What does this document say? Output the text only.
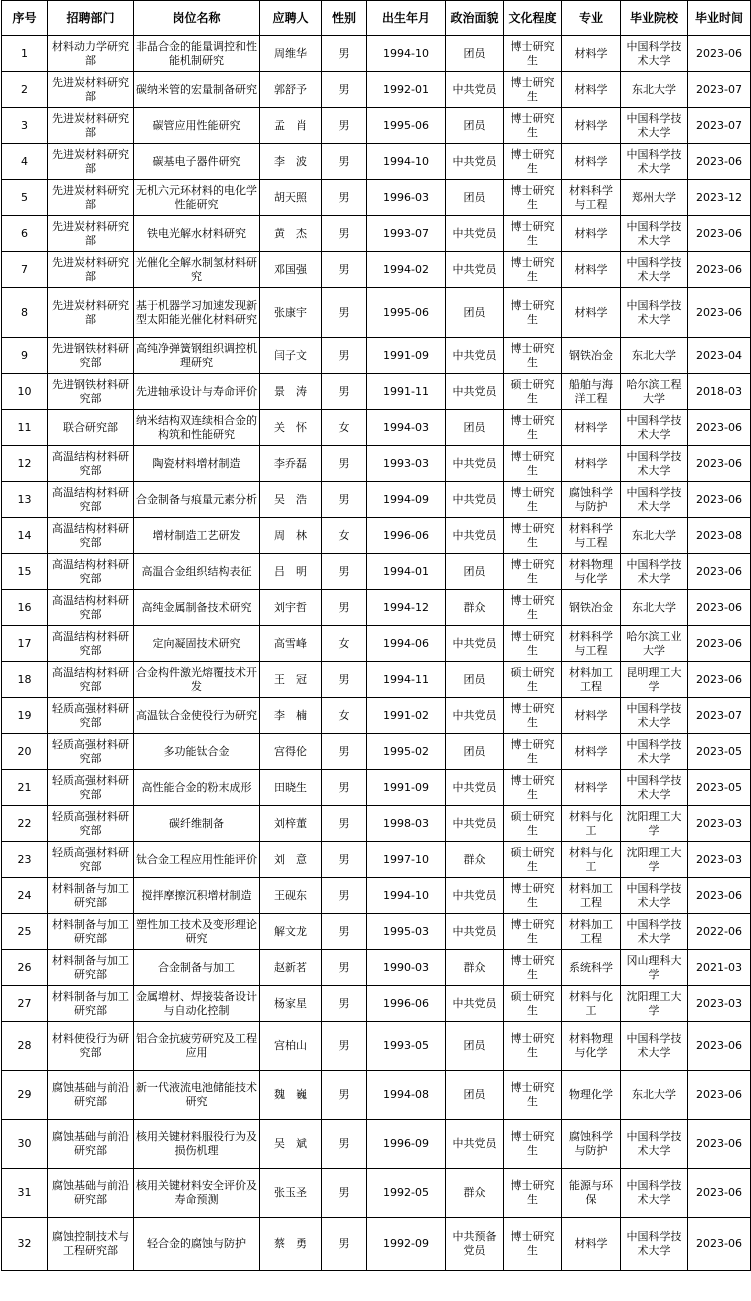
序号	招聘部门	岗位名称	应聘人	性别	出生年月	政治面貌	文化程度	专业	毕业院校	毕业时间
1	材料动力学研究部	非晶合金的能量调控和性能机制研究	周维华	男	1994-10	团员	博士研究生	材料学	中国科学技术大学	2023-06
2	先进炭材料研究部	碳纳米管的宏量制备研究	郭舒予	男	1992-01	中共党员	博士研究生	材料学	东北大学	2023-07
3	先进炭材料研究部	碳管应用性能研究	孟　肖	男	1995-06	团员	博士研究生	材料学	中国科学技术大学	2023-07
4	先进炭材料研究部	碳基电子器件研究	李　波	男	1994-10	中共党员	博士研究生	材料学	中国科学技术大学	2023-06
5	先进炭材料研究部	无机六元环材料的电化学性能研究	胡天照	男	1996-03	团员	博士研究生	材料科学与工程	郑州大学	2023-12
6	先进炭材料研究部	铁电光解水材料研究	黄　杰	男	1993-07	中共党员	博士研究生	材料学	中国科学技术大学	2023-06
7	先进炭材料研究部	光催化全解水制氢材料研究	邓国强	男	1994-02	中共党员	博士研究生	材料学	中国科学技术大学	2023-06
8	先进炭材料研究部	基于机器学习加速发现新型太阳能光催化材料研究	张康宇	男	1995-06	团员	博士研究生	材料学	中国科学技术大学	2023-06
9	先进钢铁材料研究部	高纯净弹簧钢组织调控机理研究	闫子文	男	1991-09	中共党员	博士研究生	钢铁冶金	东北大学	2023-04
10	先进钢铁材料研究部	先进轴承设计与寿命评价	景　涛	男	1991-11	中共党员	硕士研究生	船舶与海洋工程	哈尔滨工程大学	2018-03
11	联合研究部	纳米结构双连续相合金的构筑和性能研究	关　怀	女	1994-03	团员	博士研究生	材料学	中国科学技术大学	2023-06
12	高温结构材料研究部	陶瓷材料增材制造	李乔磊	男	1993-03	中共党员	博士研究生	材料学	中国科学技术大学	2023-06
13	高温结构材料研究部	合金制备与痕量元素分析	吴　浩	男	1994-09	中共党员	博士研究生	腐蚀科学与防护	中国科学技术大学	2023-06
14	高温结构材料研究部	增材制造工艺研发	周　林	女	1996-06	中共党员	博士研究生	材料科学与工程	东北大学	2023-08
15	高温结构材料研究部	高温合金组织结构表征	吕　明	男	1994-01	团员	博士研究生	材料物理与化学	中国科学技术大学	2023-06
16	高温结构材料研究部	高纯金属制备技术研究	刘宇哲	男	1994-12	群众	博士研究生	钢铁冶金	东北大学	2023-06
17	高温结构材料研究部	定向凝固技术研究	高雪峰	女	1994-06	中共党员	博士研究生	材料科学与工程	哈尔滨工业大学	2023-06
18	高温结构材料研究部	合金构件激光熔覆技术开发	王　冠	男	1994-11	团员	硕士研究生	材料加工工程	昆明理工大学	2023-06
19	轻质高强材料研究部	高温钛合金使役行为研究	李　楠	女	1991-02	中共党员	博士研究生	材料学	中国科学技术大学	2023-07
20	轻质高强材料研究部	多功能钛合金	宫得伦	男	1995-02	团员	博士研究生	材料学	中国科学技术大学	2023-05
21	轻质高强材料研究部	高性能合金的粉末成形	田晓生	男	1991-09	中共党员	博士研究生	材料学	中国科学技术大学	2023-05
22	轻质高强材料研究部	碳纤维制备	刘梓董	男	1998-03	中共党员	硕士研究生	材料与化工	沈阳理工大学	2023-03
23	轻质高强材料研究部	钛合金工程应用性能评价	刘　意	男	1997-10	群众	硕士研究生	材料与化工	沈阳理工大学	2023-03
24	材料制备与加工研究部	搅拌摩擦沉积增材制造	王砚东	男	1994-10	中共党员	博士研究生	材料加工工程	中国科学技术大学	2023-06
25	材料制备与加工研究部	塑性加工技术及变形理论研究	解文龙	男	1995-03	中共党员	博士研究生	材料加工工程	中国科学技术大学	2022-06
26	材料制备与加工研究部	合金制备与加工	赵新茗	男	1990-03	群众	博士研究生	系统科学	冈山理科大学	2021-03
27	材料制备与加工研究部	金属增材、焊接装备设计与自动化控制	杨家星	男	1996-06	中共党员	硕士研究生	材料与化工	沈阳理工大学	2023-03
28	材料使役行为研究部	铝合金抗疲劳研究及工程应用	宫柏山	男	1993-05	团员	博士研究生	材料物理与化学	中国科学技术大学	2023-06
29	腐蚀基础与前沿研究部	新一代液流电池储能技术研究	魏　巍	男	1994-08	团员	博士研究生	物理化学	东北大学	2023-06
30	腐蚀基础与前沿研究部	核用关键材料服役行为及损伤机理	吴　斌	男	1996-09	中共党员	博士研究生	腐蚀科学与防护	中国科学技术大学	2023-06
31	腐蚀基础与前沿研究部	核用关键材料安全评价及寿命预测	张玉圣	男	1992-05	群众	博士研究生	能源与环保	中国科学技术大学	2023-06
32	腐蚀控制技术与工程研究部	轻合金的腐蚀与防护	蔡　勇	男	1992-09	中共预备党员	博士研究生	材料学	中国科学技术大学	2023-06
